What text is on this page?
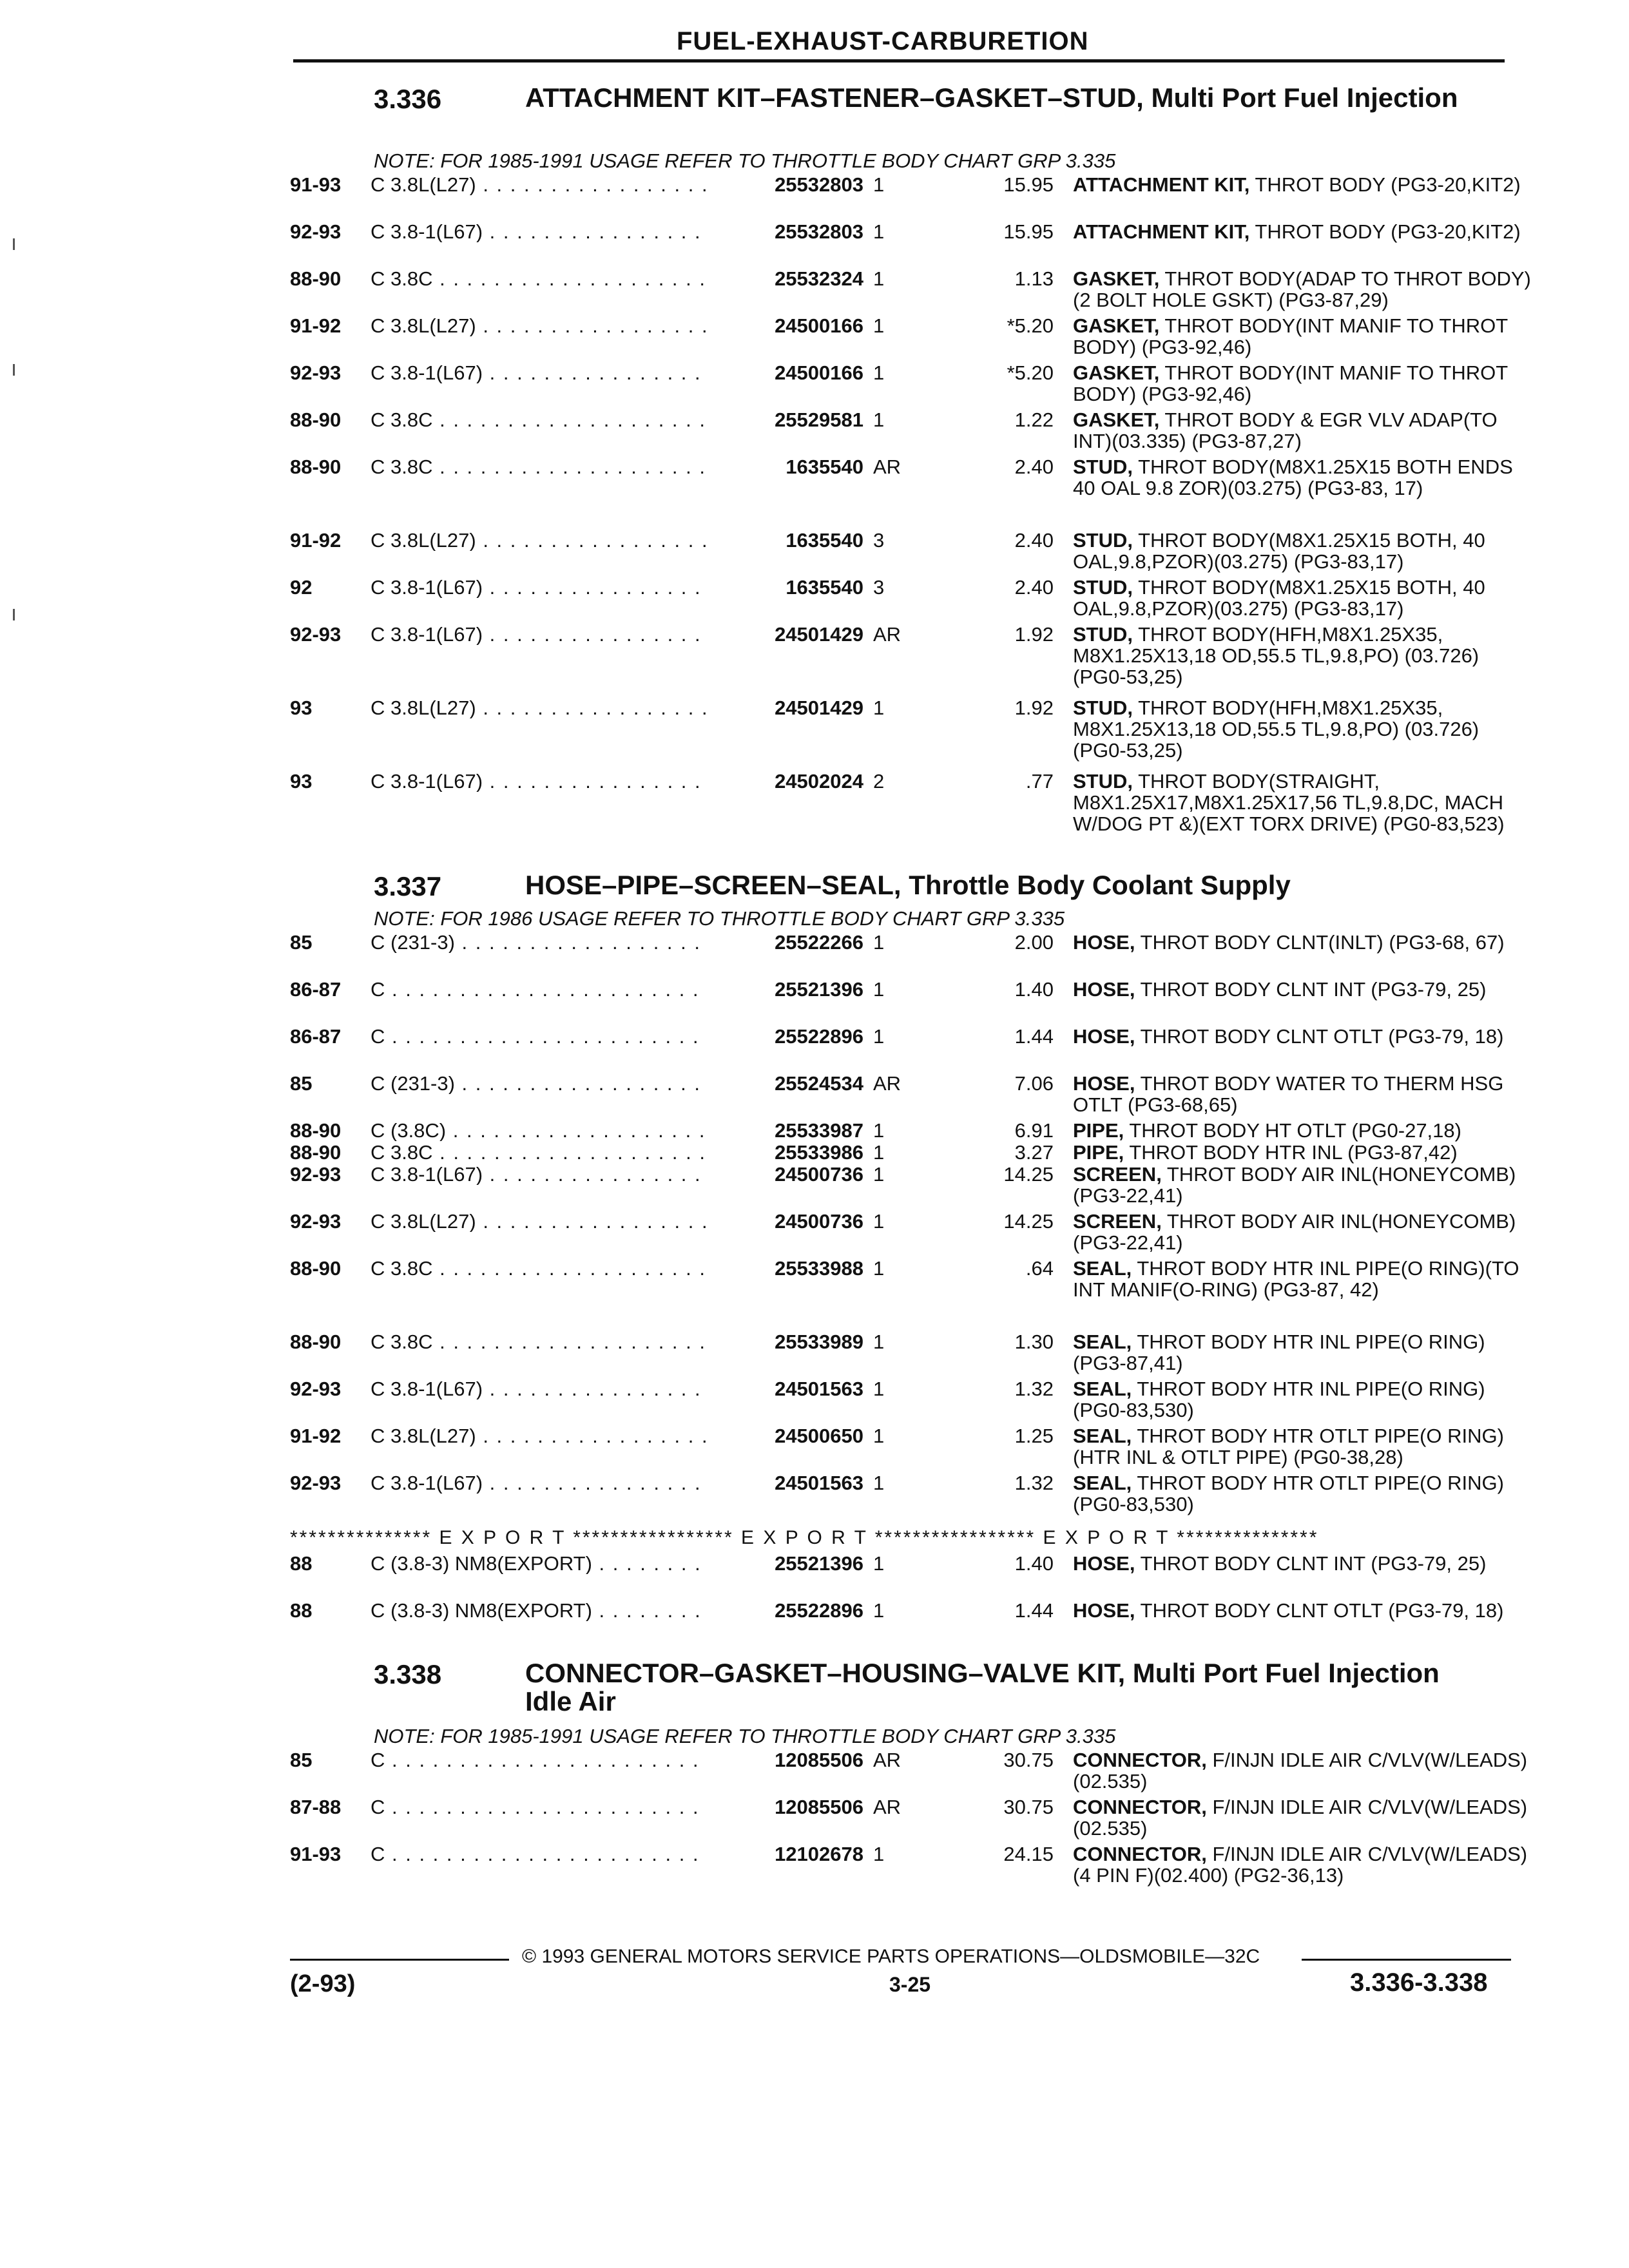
FUEL-EXHAUST-CARBURETION
3.336	ATTACHMENT KIT–FASTENER–GASKET–STUD, Multi Port Fuel Injection
NOTE: FOR 1985-1991 USAGE REFER TO THROTTLE BODY CHART GRP 3.335
91-93 C 3.8L(L27) . . .	25532803 1	15.95 ATTACHMENT KIT, THROT BODY (PG3-20,KIT2)
92-93 C 3.8-1(L67) . . .	25532803 1	15.95 ATTACHMENT KIT, THROT BODY (PG3-20,KIT2)
88-90 C 3.8C . . .	25532324 1	1.13 GASKET, THROT BODY(ADAP TO THROT BODY)(2 BOLT HOLE GSKT) (PG3-87,29)
91-92 C 3.8L(L27) . . .	24500166 1	*5.20 GASKET, THROT BODY(INT MANIF TO THROT BODY) (PG3-92,46)
92-93 C 3.8-1(L67) . . .	24500166 1	*5.20 GASKET, THROT BODY(INT MANIF TO THROT BODY) (PG3-92,46)
88-90 C 3.8C . . .	25529581 1	1.22 GASKET, THROT BODY & EGR VLV ADAP(TO INT)(03.335) (PG3-87,27)
88-90 C 3.8C . . .	1635540 AR	2.40 STUD, THROT BODY(M8X1.25X15 BOTH ENDS 40 OAL 9.8 ZOR)(03.275) (PG3-83, 17)
91-92 C 3.8L(L27) . . .	1635540 3	2.40 STUD, THROT BODY(M8X1.25X15 BOTH, 40 OAL,9.8,PZOR)(03.275) (PG3-83,17)
92	C 3.8-1(L67) . . .	1635540 3	2.40 STUD, THROT BODY(M8X1.25X15 BOTH, 40 OAL,9.8,PZOR)(03.275) (PG3-83,17)
92-93 C 3.8-1(L67) . . .	24501429 AR	1.92 STUD, THROT BODY(HFH,M8X1.25X35, M8X1.25X13,18 OD,55.5 TL,9.8,PO) (03.726) (PG0-53,25)
93	C 3.8L(L27) . . .	24501429 1	1.92 STUD, THROT BODY(HFH,M8X1.25X35, M8X1.25X13,18 OD,55.5 TL,9.8,PO) (03.726) (PG0-53,25)
93	C 3.8-1(L67) . . .	24502024 2	.77 STUD, THROT BODY(STRAIGHT, M8X1.25X17,M8X1.25X17,56 TL,9.8,DC, MACH W/DOG PT &)(EXT TORX DRIVE) (PG0-83,523)
3.337	HOSE–PIPE–SCREEN–SEAL, Throttle Body Coolant Supply
NOTE: FOR 1986 USAGE REFER TO THROTTLE BODY CHART GRP 3.335
85	C (231-3) . . .	25522266 1	2.00 HOSE, THROT BODY CLNT(INLT) (PG3-68, 67)
86-87 C . . .	25521396 1	1.40 HOSE, THROT BODY CLNT INT (PG3-79, 25)
86-87 C . . .	25522896 1	1.44 HOSE, THROT BODY CLNT OTLT (PG3-79, 18)
85	C (231-3) . . .	25524534 AR	7.06 HOSE, THROT BODY WATER TO THERM HSG OTLT (PG3-68,65)
88-90 C (3.8C) . . .	25533987 1	6.91 PIPE, THROT BODY HT OTLT (PG0-27,18)
88-90 C 3.8C . . .	25533986 1	3.27 PIPE, THROT BODY HTR INL (PG3-87,42)
92-93 C 3.8-1(L67) . . .	24500736 1	14.25 SCREEN, THROT BODY AIR INL(HONEYCOMB) (PG3-22,41)
92-93 C 3.8L(L27) . . .	24500736 1	14.25 SCREEN, THROT BODY AIR INL(HONEYCOMB) (PG3-22,41)
88-90 C 3.8C . . .	25533988 1	.64 SEAL, THROT BODY HTR INL PIPE(O RING)(TO INT MANIF(O-RING) (PG3-87, 42)
88-90 C 3.8C . . .	25533989 1	1.30 SEAL, THROT BODY HTR INL PIPE(O RING) (PG3-87,41)
92-93 C 3.8-1(L67) . . .	24501563 1	1.32 SEAL, THROT BODY HTR INL PIPE(O RING) (PG0-83,530)
91-92 C 3.8L(L27) . . .	24500650 1	1.25 SEAL, THROT BODY HTR OTLT PIPE(O RING)(HTR INL & OTLT PIPE) (PG0-38,28)
92-93 C 3.8-1(L67) . . .	24501563 1	1.32 SEAL, THROT BODY HTR OTLT PIPE(O RING) (PG0-83,530)
*************** E X P O R T ***************** E X P O R T ***************** E X P O R T ***************
88	C (3.8-3) NM8(EXPORT) . . .	25521396 1	1.40 HOSE, THROT BODY CLNT INT (PG3-79, 25)
88	C (3.8-3) NM8(EXPORT) . . .	25522896 1	1.44 HOSE, THROT BODY CLNT OTLT (PG3-79, 18)
3.338	CONNECTOR–GASKET–HOUSING–VALVE KIT, Multi Port Fuel Injection Idle Air
NOTE: FOR 1985-1991 USAGE REFER TO THROTTLE BODY CHART GRP 3.335
85	C . . .	12085506 AR	30.75 CONNECTOR, F/INJN IDLE AIR C/VLV(W/LEADS)(02.535)
87-88 C . . .	12085506 AR	30.75 CONNECTOR, F/INJN IDLE AIR C/VLV(W/LEADS)(02.535)
91-93 C . . .	12102678 1	24.15 CONNECTOR, F/INJN IDLE AIR C/VLV(W/LEADS)(4 PIN F)(02.400) (PG2-36,13)
© 1993 GENERAL MOTORS SERVICE PARTS OPERATIONS—OLDSMOBILE—32C
(2-93)	3-25	3.336-3.338
